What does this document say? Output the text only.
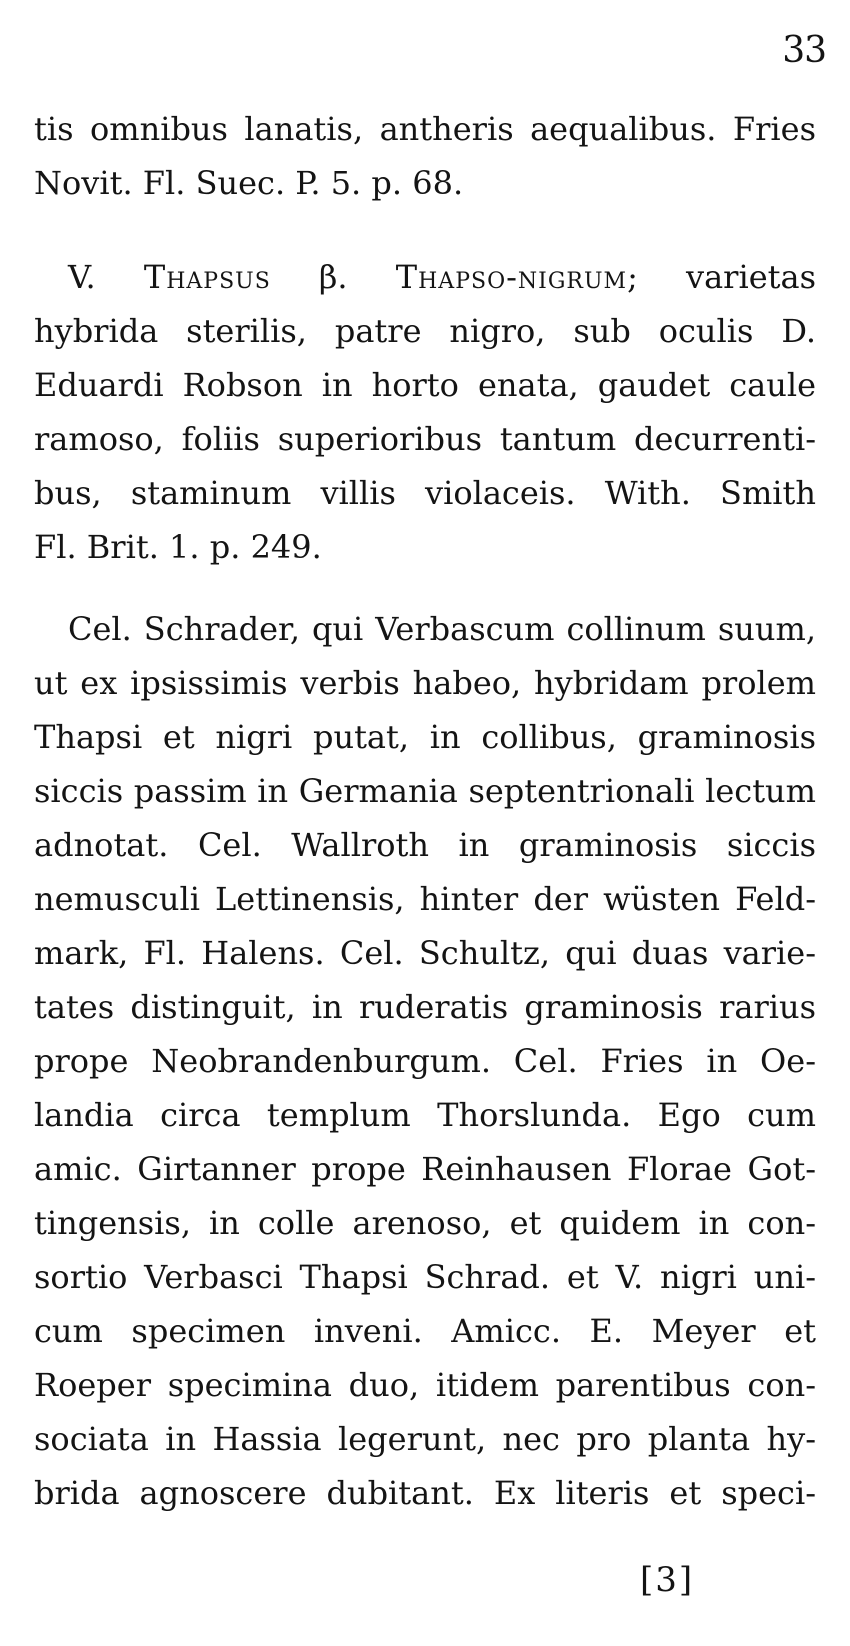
33
tis omnibus lanatis, antheris aequalibus. Fries
Novit. Fl. Suec. P. 5. p. 68.
V. Thapsus β. Thapso-nigrum; varietas
hybrida sterilis, patre nigro, sub oculis D.
Eduardi Robson in horto enata, gaudet caule
ramoso, foliis superioribus tantum decurrenti-
bus, staminum villis violaceis. With. Smith
Fl. Brit. 1. p. 249.
Cel. Schrader, qui Verbascum collinum suum,
ut ex ipsissimis verbis habeo, hybridam prolem
Thapsi et nigri putat, in collibus, graminosis
siccis passim in Germania septentrionali lectum
adnotat. Cel. Wallroth in graminosis siccis
nemusculi Lettinensis, hinter der wüsten Feld-
mark, Fl. Halens. Cel. Schultz, qui duas varie-
tates distinguit, in ruderatis graminosis rarius
prope Neobrandenburgum. Cel. Fries in Oe-
landia circa templum Thorslunda. Ego cum
amic. Girtanner prope Reinhausen Florae Got-
tingensis, in colle arenoso, et quidem in con-
sortio Verbasci Thapsi Schrad. et V. nigri uni-
cum specimen inveni. Amicc. E. Meyer et
Roeper specimina duo, itidem parentibus con-
sociata in Hassia legerunt, nec pro planta hy-
brida agnoscere dubitant. Ex literis et speci-
[3]
